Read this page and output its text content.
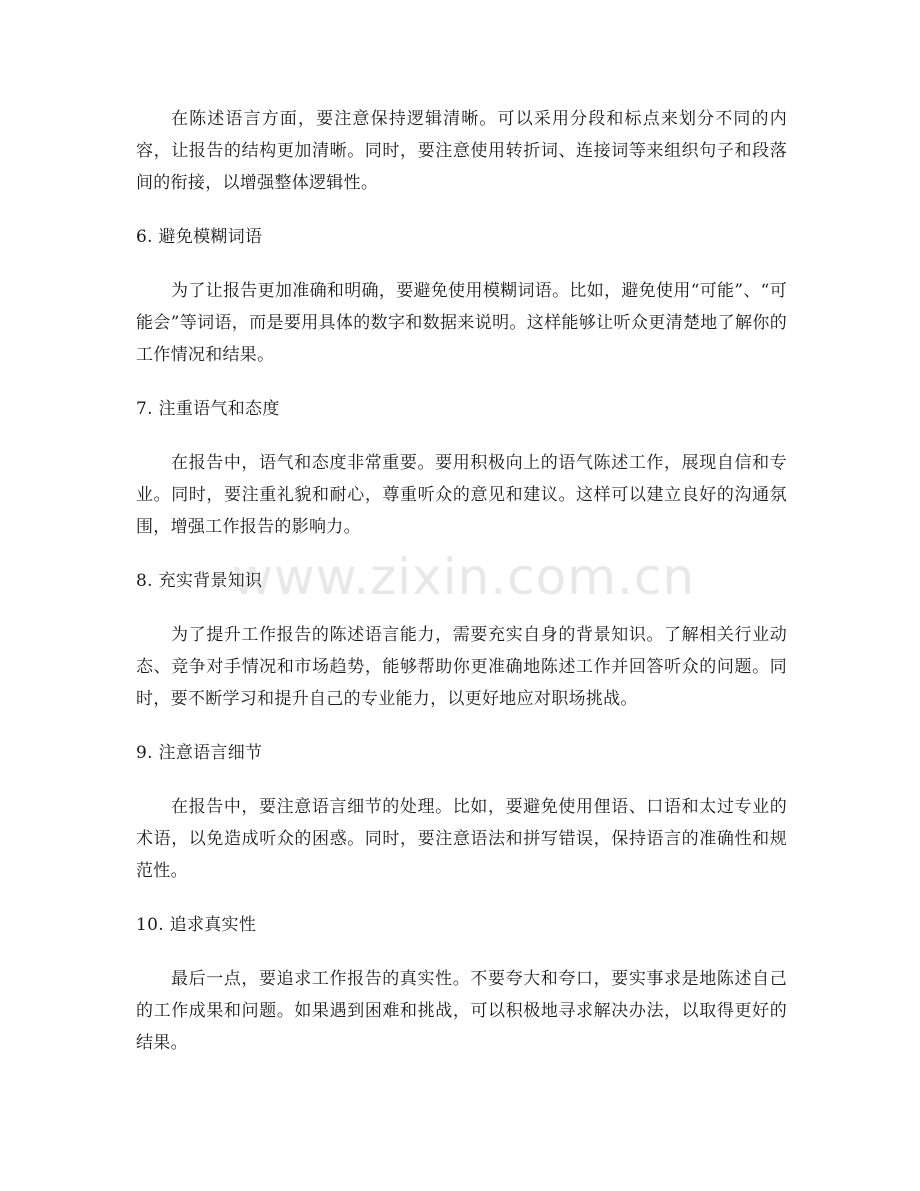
www.zixin.com.cn

在陈述语言方面，要注意保持逻辑清晰。可以采用分段和标点来划分不同的内容，让报告的结构更加清晰。同时，要注意使用转折词、连接词等来组织句子和段落间的衔接，以增强整体逻辑性。

6. 避免模糊词语

为了让报告更加准确和明确，要避免使用模糊词语。比如，避免使用“可能”、“可能会”等词语，而是要用具体的数字和数据来说明。这样能够让听众更清楚地了解你的工作情况和结果。

7. 注重语气和态度

在报告中，语气和态度非常重要。要用积极向上的语气陈述工作，展现自信和专业。同时，要注重礼貌和耐心，尊重听众的意见和建议。这样可以建立良好的沟通氛围，增强工作报告的影响力。

8. 充实背景知识

为了提升工作报告的陈述语言能力，需要充实自身的背景知识。了解相关行业动态、竞争对手情况和市场趋势，能够帮助你更准确地陈述工作并回答听众的问题。同时，要不断学习和提升自己的专业能力，以更好地应对职场挑战。

9. 注意语言细节

在报告中，要注意语言细节的处理。比如，要避免使用俚语、口语和太过专业的术语，以免造成听众的困惑。同时，要注意语法和拼写错误，保持语言的准确性和规范性。

10. 追求真实性

最后一点，要追求工作报告的真实性。不要夸大和夸口，要实事求是地陈述自己的工作成果和问题。如果遇到困难和挑战，可以积极地寻求解决办法，以取得更好的结果。
